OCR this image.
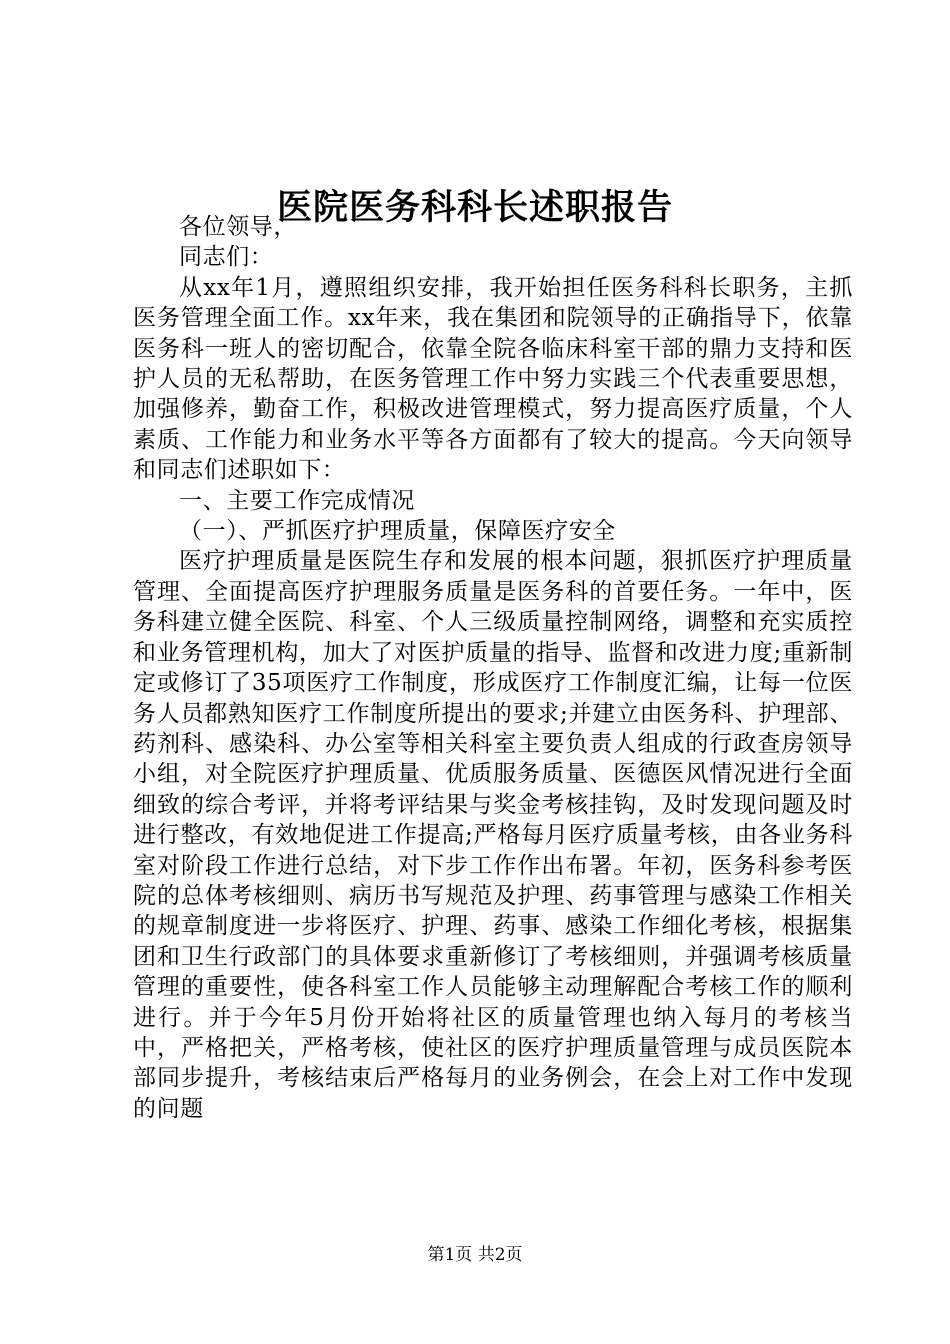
医院医务科科长述职报告

各位领导，

同志们：

从xx年1月，遵照组织安排，我开始担任医务科科长职务，主抓医务管理全面工作。xx年来，我在集团和院领导的正确指导下，依靠医务科一班人的密切配合，依靠全院各临床科室干部的鼎力支持和医护人员的无私帮助，在医务管理工作中努力实践三个代表重要思想，加强修养，勤奋工作，积极改进管理模式，努力提高医疗质量，个人素质、工作能力和业务水平等各方面都有了较大的提高。今天向领导和同志们述职如下：

一、主要工作完成情况

（一）、严抓医疗护理质量，保障医疗安全

医疗护理质量是医院生存和发展的根本问题，狠抓医疗护理质量管理、全面提高医疗护理服务质量是医务科的首要任务。一年中，医务科建立健全医院、科室、个人三级质量控制网络，调整和充实质控和业务管理机构，加大了对医护质量的指导、监督和改进力度;重新制定或修订了35项医疗工作制度，形成医疗工作制度汇编，让每一位医务人员都熟知医疗工作制度所提出的要求;并建立由医务科、护理部、药剂科、感染科、办公室等相关科室主要负责人组成的行政查房领导小组，对全院医疗护理质量、优质服务质量、医德医风情况进行全面细致的综合考评，并将考评结果与奖金考核挂钩，及时发现问题及时进行整改，有效地促进工作提高;严格每月医疗质量考核，由各业务科室对阶段工作进行总结，对下步工作作出布署。年初，医务科参考医院的总体考核细则、病历书写规范及护理、药事管理与感染工作相关的规章制度进一步将医疗、护理、药事、感染工作细化考核，根据集团和卫生行政部门的具体要求重新修订了考核细则，并强调考核质量管理的重要性，使各科室工作人员能够主动理解配合考核工作的顺利进行。并于今年5月份开始将社区的质量管理也纳入每月的考核当中，严格把关，严格考核，使社区的医疗护理质量管理与成员医院本部同步提升，考核结束后严格每月的业务例会，在会上对工作中发现的问题

第1页 共2页
